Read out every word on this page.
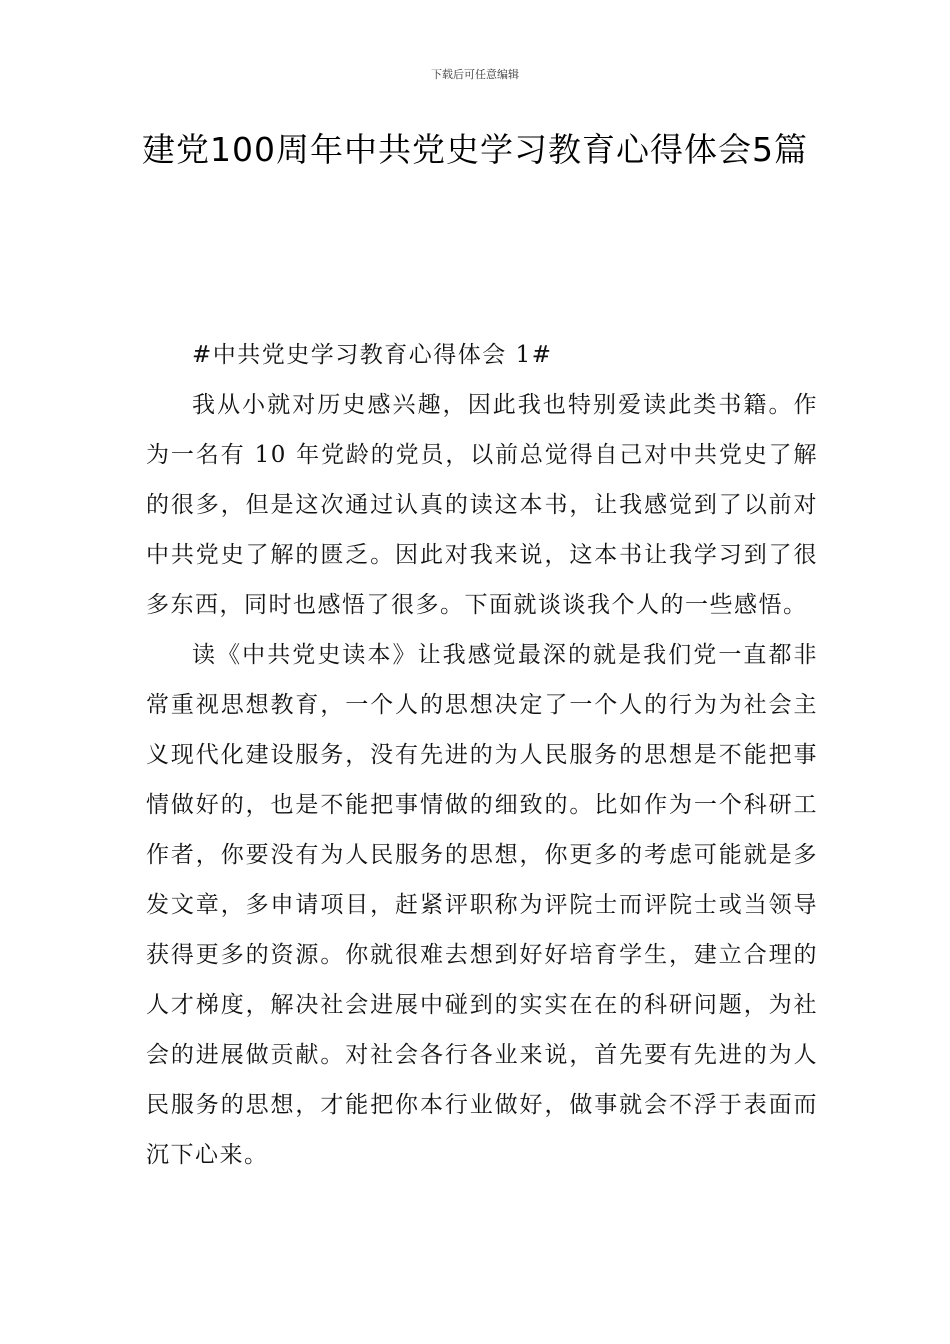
下载后可任意编辑
建党100周年中共党史学习教育心得体会5篇

#中共党史学习教育心得体会 1#

我从小就对历史感兴趣，因此我也特别爱读此类书籍。作为一名有 10 年党龄的党员，以前总觉得自己对中共党史了解的很多，但是这次通过认真的读这本书，让我感觉到了以前对中共党史了解的匮乏。因此对我来说，这本书让我学习到了很多东西，同时也感悟了很多。下面就谈谈我个人的一些感悟。

读《中共党史读本》让我感觉最深的就是我们党一直都非常重视思想教育，一个人的思想决定了一个人的行为为社会主义现代化建设服务，没有先进的为人民服务的思想是不能把事情做好的，也是不能把事情做的细致的。比如作为一个科研工作者，你要没有为人民服务的思想，你更多的考虑可能就是多发文章，多申请项目，赶紧评职称为评院士而评院士或当领导获得更多的资源。你就很难去想到好好培育学生，建立合理的人才梯度，解决社会进展中碰到的实实在在的科研问题，为社会的进展做贡献。对社会各行各业来说，首先要有先进的为人民服务的思想，才能把你本行业做好，做事就会不浮于表面而沉下心来。
